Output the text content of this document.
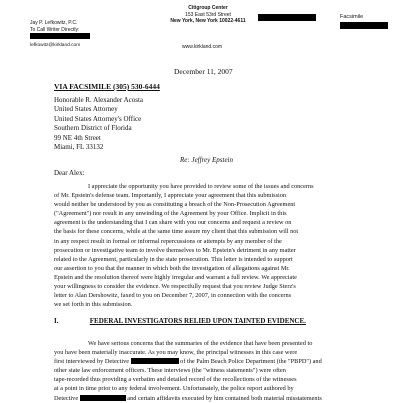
Citigroup Center
153 East 53rd Street
New York, New York 10022-4611
www.kirkland.com
Facsimile
Jay P. Lefkowitz, P.C.
To Call Writer Directly:
lefkowitz@kirkland.com
December 11, 2007
VIA FACSIMILE (305) 530-6444
Honorable R. Alexander Acosta
United States Attorney
United States Attorney's Office
Southern District of Florida
99 NE 4th Street
Miami, FL 33132
Re: Jeffrey Epstein
Dear Alex:
I appreciate the opportunity you have provided to review some of the issues and concerns
of Mr. Epstein's defense team. Importantly, I appreciate your agreement that this submission
would neither be understood by you as constituting a breach of the Non-Prosecution Agreement
("Agreement") nor result in any unwinding of the Agreement by your Office. Implicit in this
agreement is the understanding that I can share with you our concerns and request a review on
the basis for these concerns, while at the same time assure my client that this submission will not
in any respect result in formal or informal repercussions or attempts by any member of the
prosecution or investigative team to involve themselves to Mr. Epstein's detriment in any matter
related to the Agreement, particularly in the state prosecution. This letter is intended to support
our assertion to you that the manner in which both the investigation of allegations against Mr.
Epstein and the resolution thereof were highly irregular and warrant a full review. We appreciate
your willingness to consider the evidence. We respectfully request that you review Judge Sterz's
letter to Alan Dershowitz, faxed to you on December 7, 2007, in connection with the concerns
we set forth in this submission.
I.	FEDERAL INVESTIGATORS RELIED UPON TAINTED EVIDENCE.
We have serious concerns that the summaries of the evidence that have been presented to
you have been materially inaccurate. As you may know, the principal witnesses in this case were
first interviewed by Detective	of the Palm Beach Police Department (the "PBPD") and
other state law enforcement officers. These interviews (the "witness statements") were often
tape-recorded thus providing a verbatim and detailed record of the recollections of the witnesses
at a point in time prior to any federal involvement. Unfortunately, the police report authored by
Detective	and certain affidavits executed by him contained both material misstatements
